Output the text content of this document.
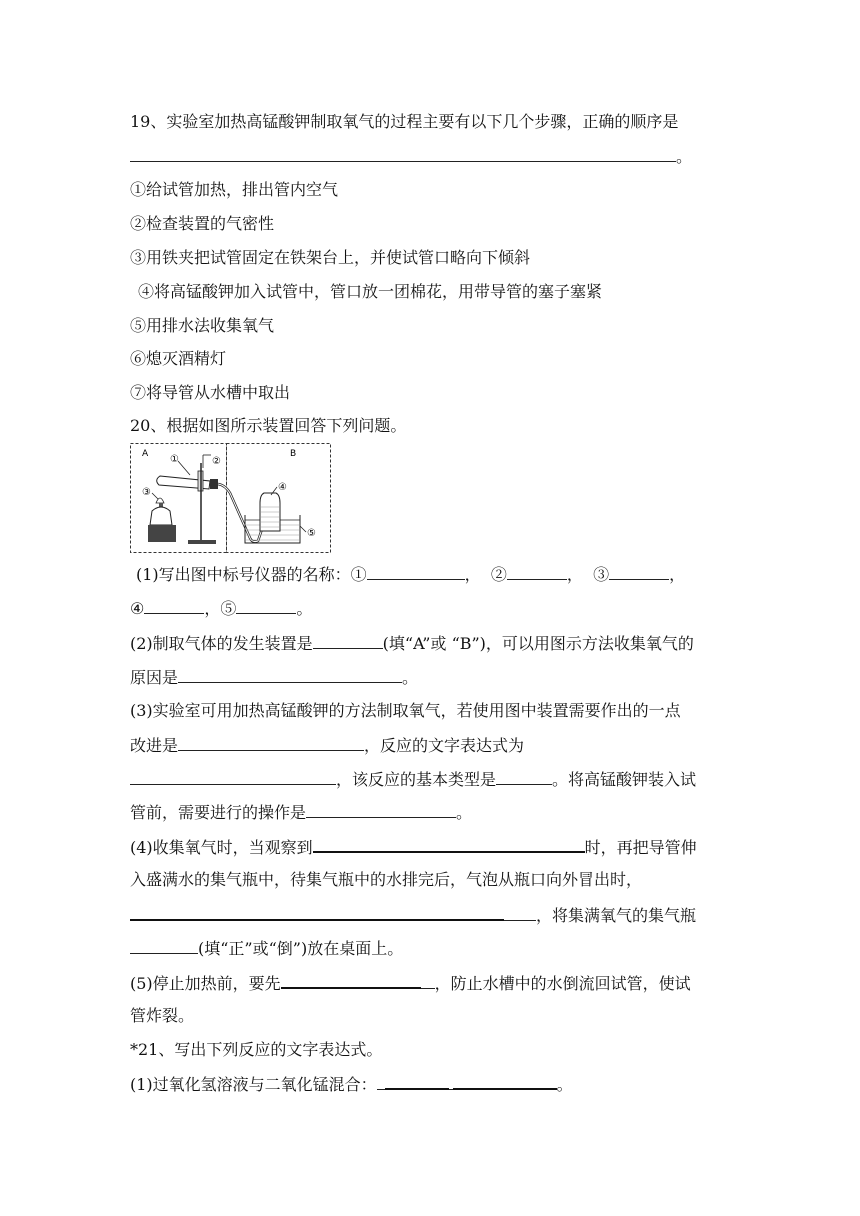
19、实验室加热高锰酸钾制取氧气的过程主要有以下几个步骤，正确的顺序是
。
①给试管加热，排出管内空气
②检查装置的气密性
③用铁夹把试管固定在铁架台上，并使试管口略向下倾斜
④将高锰酸钾加入试管中，管口放一团棉花，用带导管的塞子塞紧
⑤用排水法收集氧气
⑥熄灭酒精灯
⑦将导管从水槽中取出
20、根据如图所示装置回答下列问题。
A	B
①	②
③	④
⑤
(1)写出图中标号仪器的名称：①	， ②	， ③	，
④	，⑤	。
(2)制取气体的发生装置是	(填“A”或 “B”)，可以用图示方法收集氧气的
原因是	。
(3)实验室可用加热高锰酸钾的方法制取氧气，若使用图中装置需要作出的一点
改进是	，反应的文字表达式为
，该反应的基本类型是	。将高锰酸钾装入试
管前，需要进行的操作是	。
(4)收集氧气时，当观察到	时，再把导管伸
入盛满水的集气瓶中，待集气瓶中的水排完后，气泡从瓶口向外冒出时，
，将集满氧气的集气瓶
(填“正”或“倒”)放在桌面上。
(5)停止加热前，要先	，防止水槽中的水倒流回试管，使试
管炸裂。
*21、写出下列反应的文字表达式。
(1)过氧化氢溶液与二氧化锰混合：	。
